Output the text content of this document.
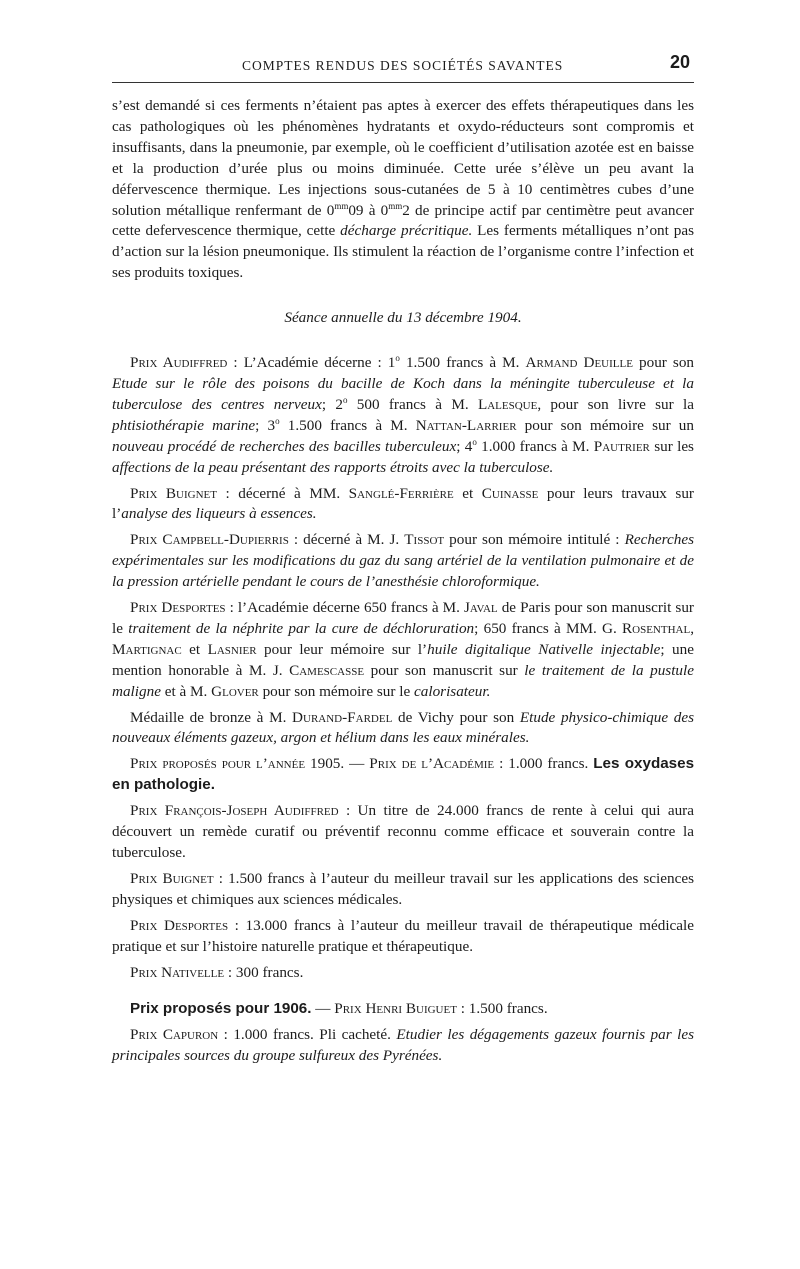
COMPTES RENDUS DES SOCIÉTÉS SAVANTES	20

s’est demandé si ces ferments n’étaient pas aptes à exercer des effets thérapeutiques dans les cas pathologiques où les phénomènes hydratants et oxydo-réducteurs sont compromis et insuffisants, dans la pneumonie, par exemple, où le coefficient d’utilisation azotée est en baisse et la production d’urée plus ou moins diminuée. Cette urée s’élève un peu avant la défervescence thermique. Les injections sous-cutanées de 5 à 10 centimètres cubes d’une solution métallique renfermant de $0^{mm}09$ à $0^{mm}2$ de principe actif par centimètre peut avancer cette defervescence thermique, cette décharge précritique. Les ferments métalliques n’ont pas d’action sur la lésion pneumonique. Ils stimulent la réaction de l’organisme contre l’infection et ses produits toxiques.

Séance annuelle du 13 décembre 1904.

Prix Audiffred : L’Académie décerne : 1$^o$ 1.500 francs à M. Armand Deuille pour son Etude sur le rôle des poisons du bacille de Koch dans la méningite tuberculeuse et la tuberculose des centres nerveux; 2$^o$ 500 francs à M. Lalesque, pour son livre sur la phtisiothérapie marine; 3$^o$ 1.500 francs à M. Nattan-Larrier pour son mémoire sur un nouveau procédé de recherches des bacilles tuberculeux; 4$^o$ 1.000 francs à M. Pautrier sur les affections de la peau présentant des rapports étroits avec la tuberculose.

Prix Buignet : décerné à MM. Sanglé-Ferrière et Cuinasse pour leurs travaux sur l’analyse des liqueurs à essences.

Prix Campbell-Dupierris : décerné à M. J. Tissot pour son mémoire intitulé : Recherches expérimentales sur les modifications du gaz du sang artériel de la ventilation pulmonaire et de la pression artérielle pendant le cours de l’anesthésie chloroformique.

Prix Desportes : l’Académie décerne 650 francs à M. Javal de Paris pour son manuscrit sur le traitement de la néphrite par la cure de déchloruration; 650 francs à MM. G. Rosenthal, Martignac et Lasnier pour leur mémoire sur l’huile digitalique Nativelle injectable; une mention honorable à M. J. Camescasse pour son manuscrit sur le traitement de la pustule maligne et à M. Glover pour son mémoire sur le calorisateur.

Médaille de bronze à M. Durand-Fardel de Vichy pour son Etude physico-chimique des nouveaux éléments gazeux, argon et hélium dans les eaux minérales.

Prix proposés pour l’année 1905. — Prix de l’Académie : 1.000 francs. Les oxydases en pathologie.

Prix François-Joseph Audiffred : Un titre de 24.000 francs de rente à celui qui aura découvert un remède curatif ou préventif reconnu comme efficace et souverain contre la tuberculose.

Prix Buignet : 1.500 francs à l’auteur du meilleur travail sur les applications des sciences physiques et chimiques aux sciences médicales.

Prix Desportes : 13.000 francs à l’auteur du meilleur travail de thérapeutique médicale pratique et sur l’histoire naturelle pratique et thérapeutique.

Prix Nativelle : 300 francs.

Prix proposés pour 1906. — Prix Henri Buiguet : 1.500 francs.

Prix Capuron : 1.000 francs. Pli cacheté. Etudier les dégagements gazeux fournis par les principales sources du groupe sulfureux des Pyrénées.
